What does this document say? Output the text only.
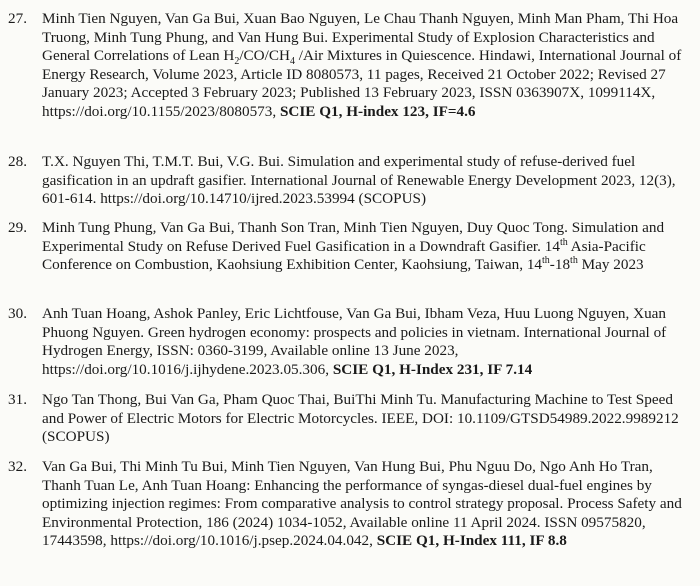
27. Minh Tien Nguyen, Van Ga Bui, Xuan Bao Nguyen, Le Chau Thanh Nguyen, Minh Man Pham, Thi Hoa Truong, Minh Tung Phung, and Van Hung Bui. Experimental Study of Explosion Characteristics and General Correlations of Lean $H_2/CO/CH_4$ /Air Mixtures in Quiescence. Hindawi, International Journal of Energy Research, Volume 2023, Article ID 8080573, 11 pages, Received 21 October 2022; Revised 27 January 2023; Accepted 3 February 2023; Published 13 February 2023, ISSN 0363907X, 1099114X, https://doi.org/10.1155/2023/8080573, SCIE Q1, H-index 123, IF=4.6
28. T.X. Nguyen Thi, T.M.T. Bui, V.G. Bui. Simulation and experimental study of refuse-derived fuel gasification in an updraft gasifier. International Journal of Renewable Energy Development 2023, 12(3), 601-614. https://doi.org/10.14710/ijred.2023.53994 (SCOPUS)
29. Minh Tung Phung, Van Ga Bui, Thanh Son Tran, Minh Tien Nguyen, Duy Quoc Tong. Simulation and Experimental Study on Refuse Derived Fuel Gasification in a Downdraft Gasifier. 14th Asia-Pacific Conference on Combustion, Kaohsiung Exhibition Center, Kaohsiung, Taiwan, 14th-18th May 2023
30. Anh Tuan Hoang, Ashok Panley, Eric Lichtfouse, Van Ga Bui, Ibham Veza, Huu Luong Nguyen, Xuan Phuong Nguyen. Green hydrogen economy: prospects and policies in vietnam. International Journal of Hydrogen Energy, ISSN: 0360-3199, Available online 13 June 2023, https://doi.org/10.1016/j.ijhydene.2023.05.306, SCIE Q1, H-Index 231, IF 7.14
31. Ngo Tan Thong, Bui Van Ga, Pham Quoc Thai, BuiThi Minh Tu. Manufacturing Machine to Test Speed and Power of Electric Motors for Electric Motorcycles. IEEE, DOI: 10.1109/GTSD54989.2022.9989212 (SCOPUS)
32. Van Ga Bui, Thi Minh Tu Bui, Minh Tien Nguyen, Van Hung Bui, Phu Nguu Do, Ngo Anh Ho Tran, Thanh Tuan Le, Anh Tuan Hoang: Enhancing the performance of syngas-diesel dual-fuel engines by optimizing injection regimes: From comparative analysis to control strategy proposal. Process Safety and Environmental Protection, 186 (2024) 1034-1052, Available online 11 April 2024. ISSN 09575820, 17443598, https://doi.org/10.1016/j.psep.2024.04.042, SCIE Q1, H-Index 111, IF 8.8
